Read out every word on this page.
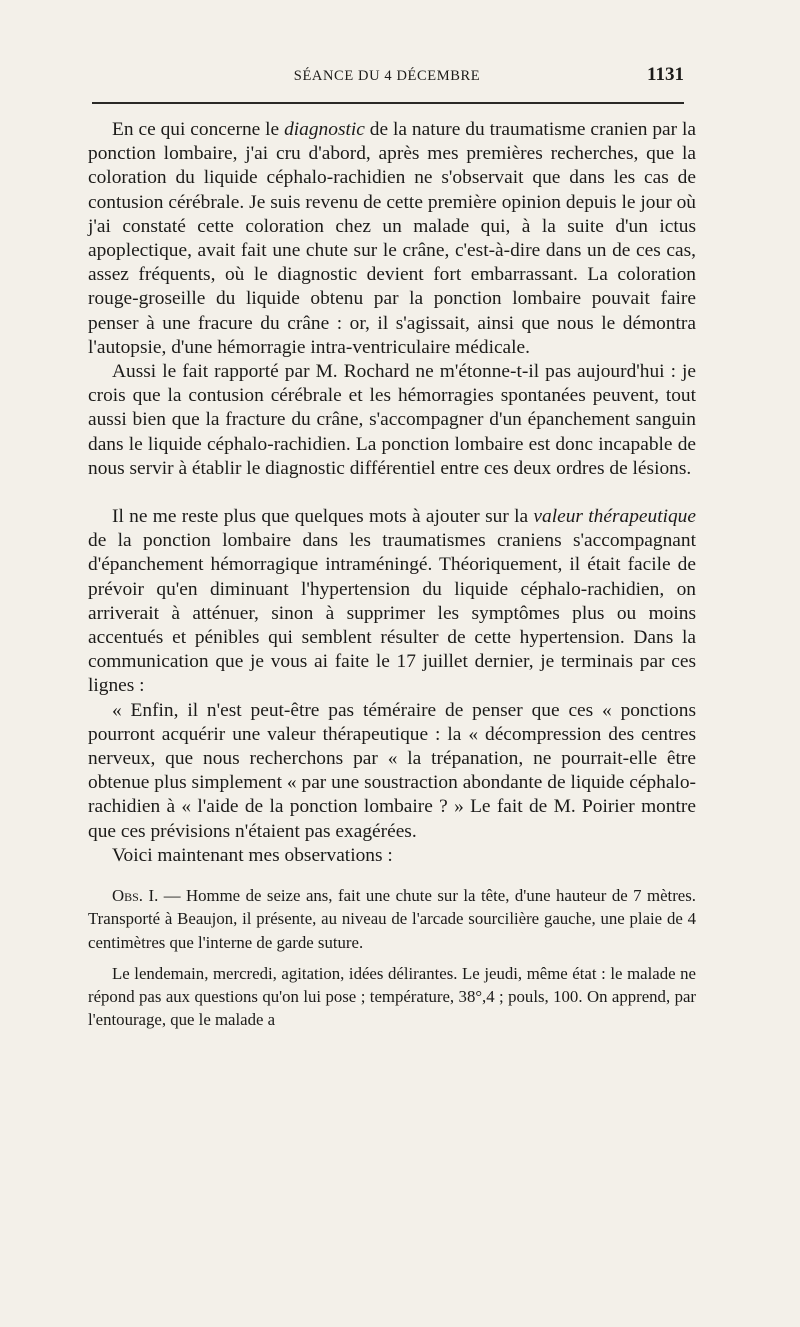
SÉANCE DU 4 DÉCEMBRE	1131

En ce qui concerne le diagnostic de la nature du traumatisme cranien par la ponction lombaire, j'ai cru d'abord, après mes premières recherches, que la coloration du liquide céphalo-rachidien ne s'observait que dans les cas de contusion cérébrale. Je suis revenu de cette première opinion depuis le jour où j'ai constaté cette coloration chez un malade qui, à la suite d'un ictus apoplectique, avait fait une chute sur le crâne, c'est-à-dire dans un de ces cas, assez fréquents, où le diagnostic devient fort embarrassant. La coloration rouge-groseille du liquide obtenu par la ponction lombaire pouvait faire penser à une fracure du crâne : or, il s'agissait, ainsi que nous le démontra l'autopsie, d'une hémorragie intra-ventriculaire médicale.

Aussi le fait rapporté par M. Rochard ne m'étonne-t-il pas aujourd'hui : je crois que la contusion cérébrale et les hémorragies spontanées peuvent, tout aussi bien que la fracture du crâne, s'accompagner d'un épanchement sanguin dans le liquide céphalo-rachidien. La ponction lombaire est donc incapable de nous servir à établir le diagnostic différentiel entre ces deux ordres de lésions.

Il ne me reste plus que quelques mots à ajouter sur la valeur thérapeutique de la ponction lombaire dans les traumatismes craniens s'accompagnant d'épanchement hémorragique intraméningé. Théoriquement, il était facile de prévoir qu'en diminuant l'hypertension du liquide céphalo-rachidien, on arriverait à atténuer, sinon à supprimer les symptômes plus ou moins accentués et pénibles qui semblent résulter de cette hypertension. Dans la communication que je vous ai faite le 17 juillet dernier, je terminais par ces lignes :

« Enfin, il n'est peut-être pas téméraire de penser que ces « ponctions pourront acquérir une valeur thérapeutique : la « décompression des centres nerveux, que nous recherchons par « la trépanation, ne pourrait-elle être obtenue plus simplement « par une soustraction abondante de liquide céphalo-rachidien à « l'aide de la ponction lombaire ? » Le fait de M. Poirier montre que ces prévisions n'étaient pas exagérées.

Voici maintenant mes observations :

Obs. I. — Homme de seize ans, fait une chute sur la tête, d'une hauteur de 7 mètres. Transporté à Beaujon, il présente, au niveau de l'arcade sourcilière gauche, une plaie de 4 centimètres que l'interne de garde suture.

Le lendemain, mercredi, agitation, idées délirantes. Le jeudi, même état : le malade ne répond pas aux questions qu'on lui pose ; température, 38°,4 ; pouls, 100. On apprend, par l'entourage, que le malade a
